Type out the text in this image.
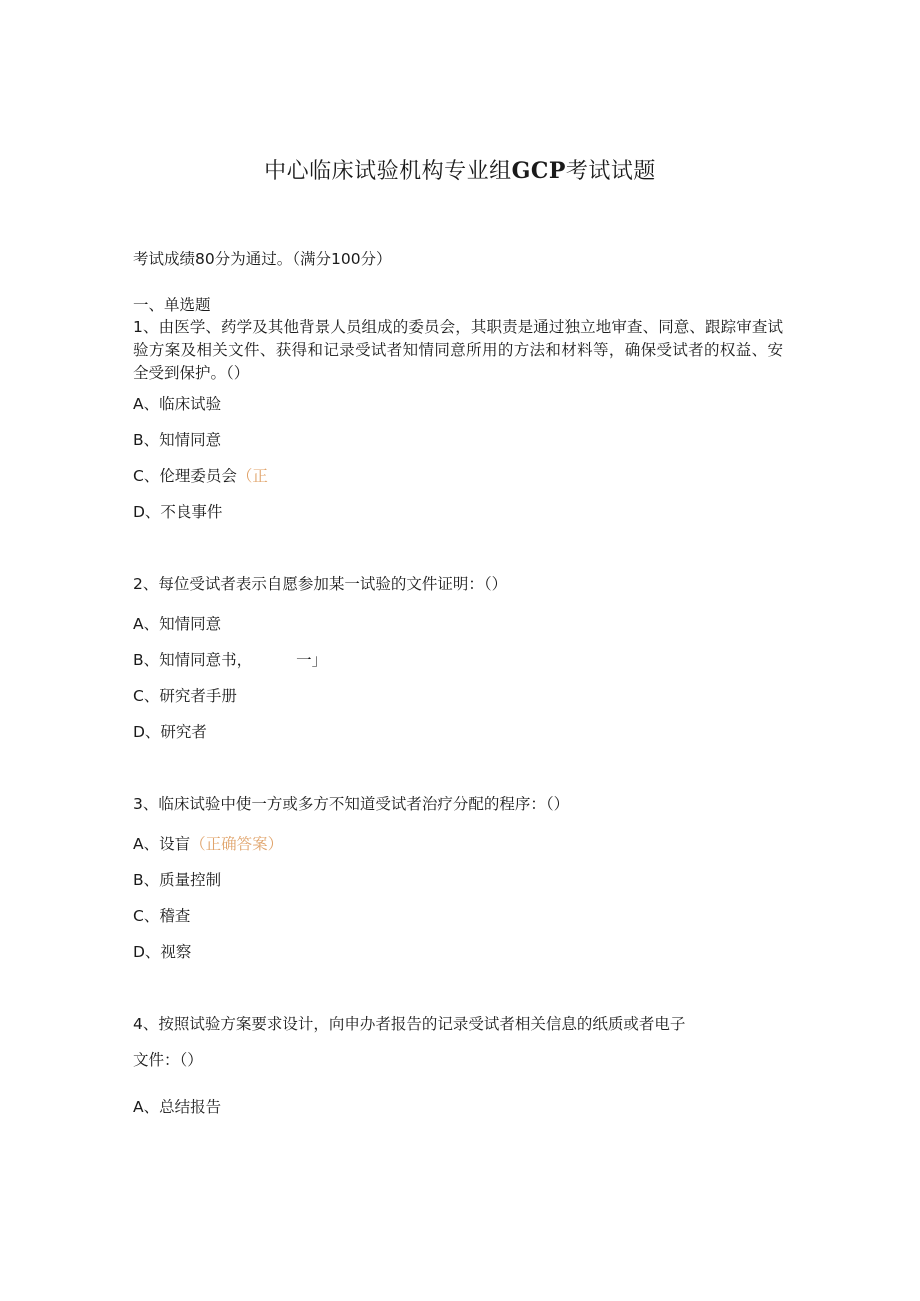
中心临床试验机构专业组GCP考试试题
考试成绩80分为通过。（满分100分）
一、单选题
1、由医学、药学及其他背景人员组成的委员会，其职责是通过独立地审查、同意、跟踪审查试验方案及相关文件、获得和记录受试者知情同意所用的方法和材料等，确保受试者的权益、安全受到保护。（）
A、临床试验
B、知情同意
C、伦理委员会（正
D、不良事件
2、每位受试者表示自愿参加某一试验的文件证明：（）
A、知情同意
B、知情同意书，	一」
C、研究者手册
D、研究者
3、临床试验中使一方或多方不知道受试者治疗分配的程序：（）
A、设盲（正确答案）
B、质量控制
C、稽查
D、视察
4、按照试验方案要求设计，向申办者报告的记录受试者相关信息的纸质或者电子
文件：（）
A、总结报告
